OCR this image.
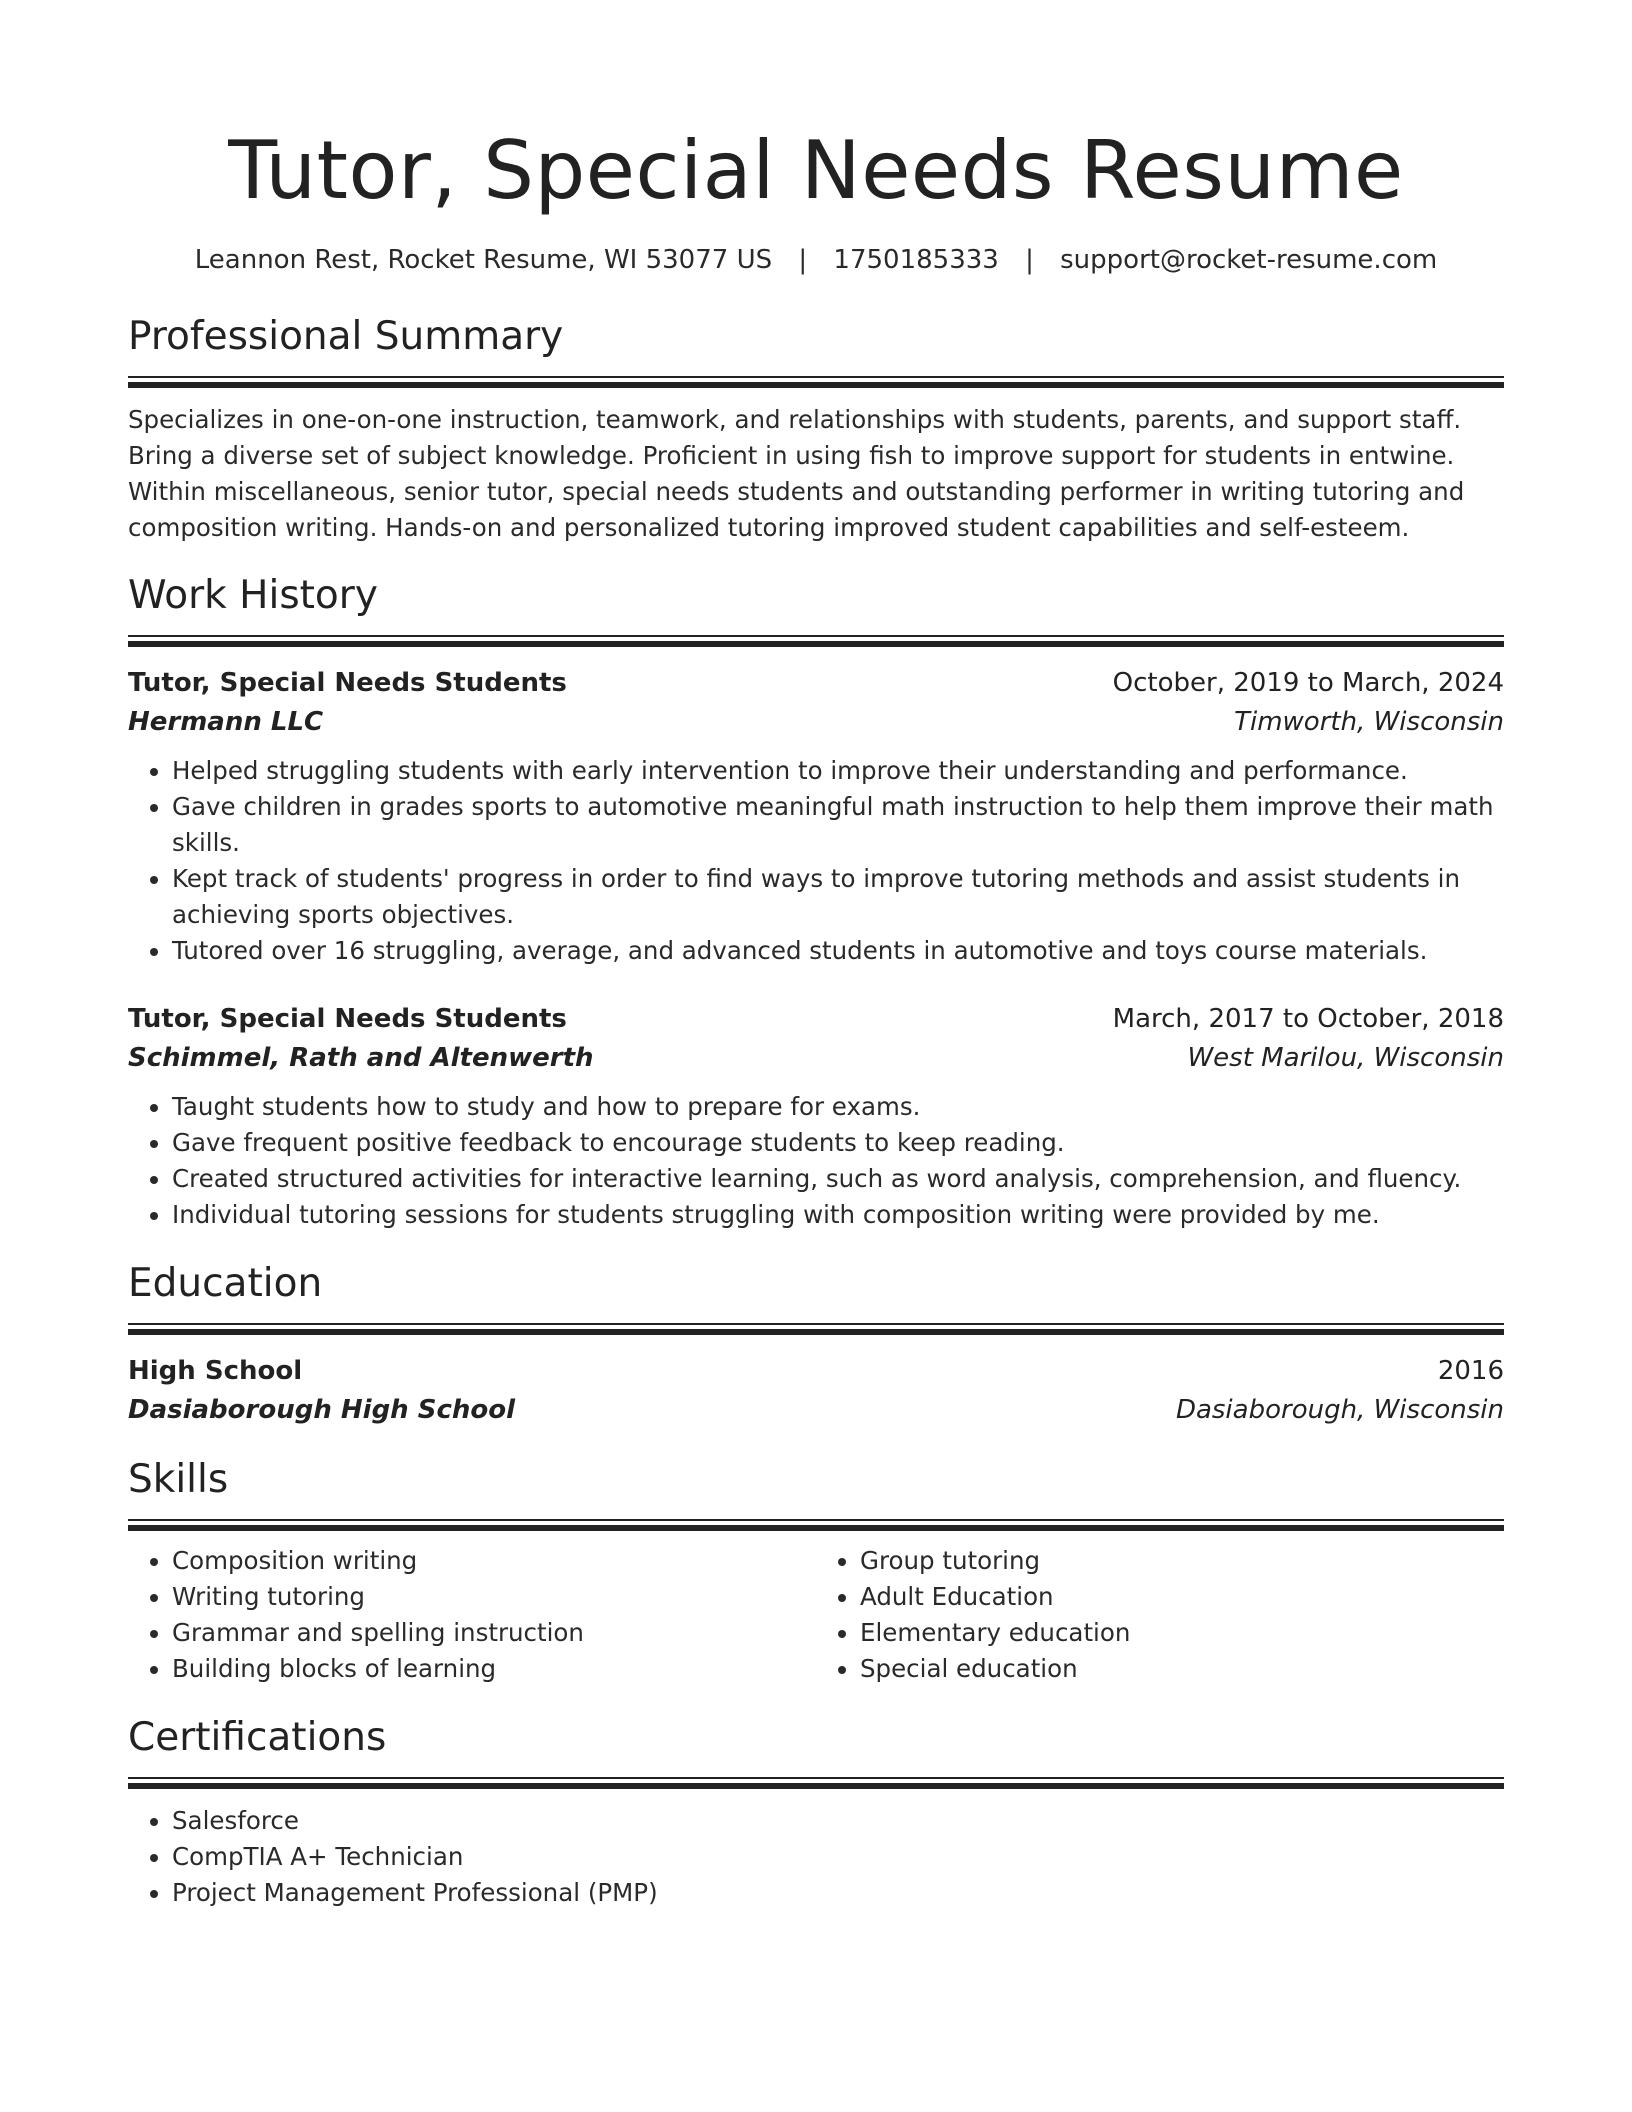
Tutor, Special Needs Resume
Leannon Rest, Rocket Resume, WI 53077 US | 1750185333 | support@rocket-resume.com
Professional Summary

Specializes in one-on-one instruction, teamwork, and relationships with students, parents, and support staff. Bring a diverse set of subject knowledge. Proficient in using fish to improve support for students in entwine. Within miscellaneous, senior tutor, special needs students and outstanding performer in writing tutoring and composition writing. Hands-on and personalized tutoring improved student capabilities and self-esteem.

Work History
Tutor, Special Needs Students	October, 2019 to March, 2024
Hermann LLC	Timworth, Wisconsin
• Helped struggling students with early intervention to improve their understanding and performance.
• Gave children in grades sports to automotive meaningful math instruction to help them improve their math skills.
• Kept track of students' progress in order to find ways to improve tutoring methods and assist students in achieving sports objectives.
• Tutored over 16 struggling, average, and advanced students in automotive and toys course materials.
Tutor, Special Needs Students	March, 2017 to October, 2018
Schimmel, Rath and Altenwerth	West Marilou, Wisconsin
• Taught students how to study and how to prepare for exams.
• Gave frequent positive feedback to encourage students to keep reading.
• Created structured activities for interactive learning, such as word analysis, comprehension, and fluency.
• Individual tutoring sessions for students struggling with composition writing were provided by me.
Education
High School	2016
Dasiaborough High School	Dasiaborough, Wisconsin
Skills
• Composition writing
• Writing tutoring
• Grammar and spelling instruction
• Building blocks of learning
• Group tutoring
• Adult Education
• Elementary education
• Special education
Certifications
• Salesforce
• CompTIA A+ Technician
• Project Management Professional (PMP)
